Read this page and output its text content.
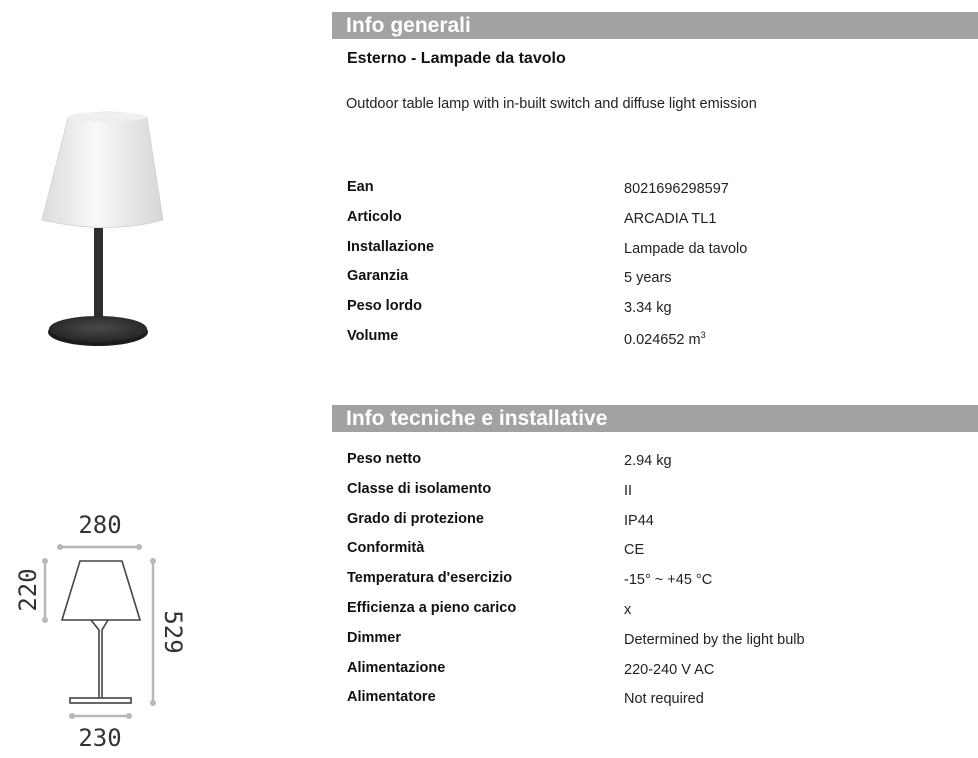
280
230
220
529
Info generali
Esterno - Lampade da tavolo
Outdoor table lamp with in-built switch and diffuse light emission
Ean	8021696298597
Articolo	ARCADIA TL1
Installazione	Lampade da tavolo
Garanzia	5 years
Peso lordo	3.34 kg
Volume	0.024652 $m^3$
Info tecniche e installative
Peso netto	2.94 kg
Classe di isolamento	II
Grado di protezione	IP44
Conformità	CE
Temperatura d'esercizio	-15° ~ +45 °C
Efficienza a pieno carico	x
Dimmer	Determined by the light bulb
Alimentazione	220-240 V AC
Alimentatore	Not required
